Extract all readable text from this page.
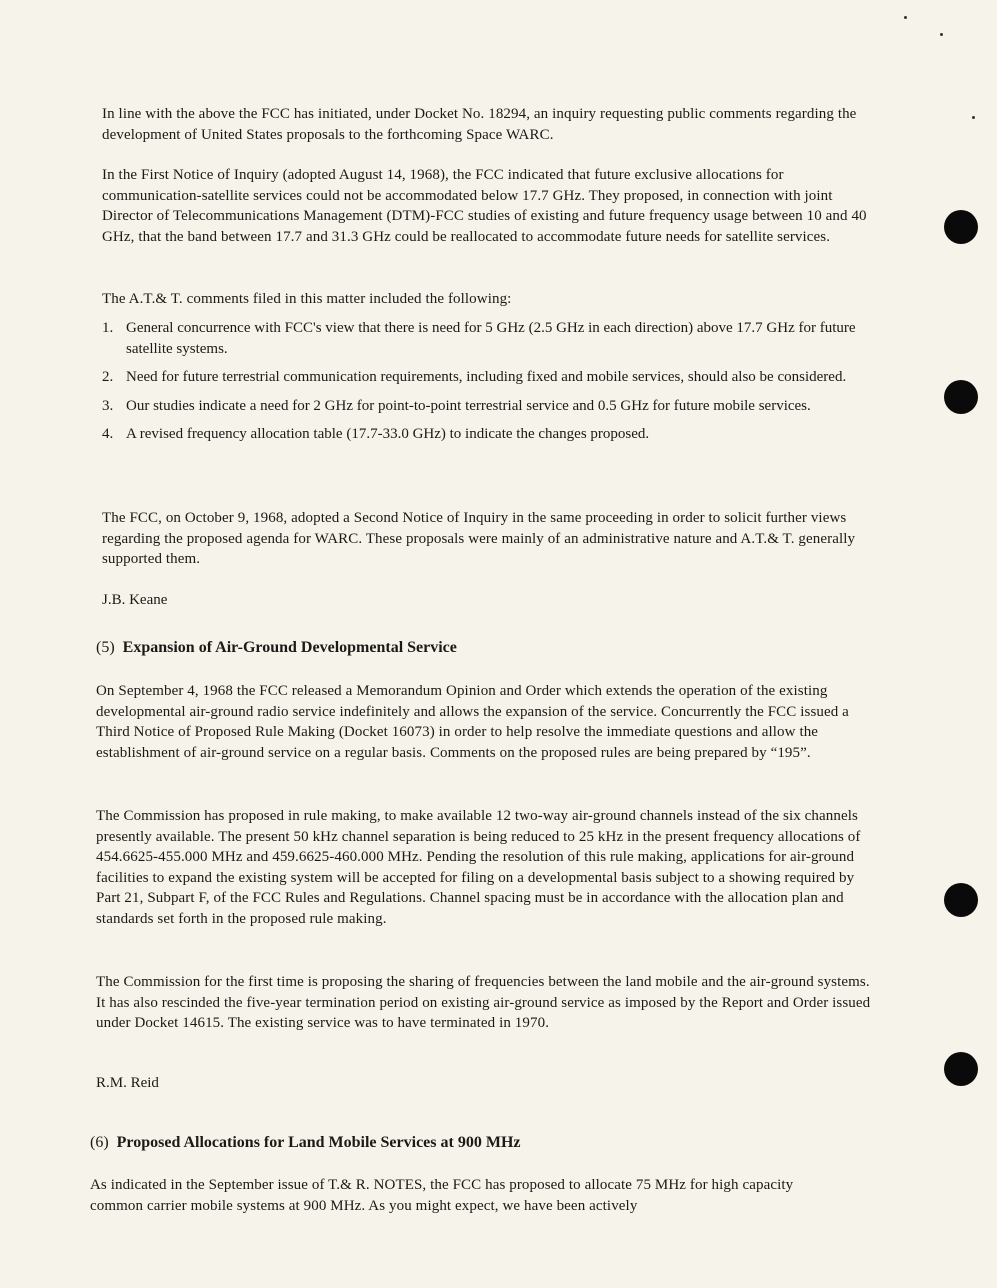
In line with the above the FCC has initiated, under Docket No. 18294, an inquiry requesting public comments regarding the development of United States proposals to the forthcoming Space WARC.

In the First Notice of Inquiry (adopted August 14, 1968), the FCC indicated that future exclusive allocations for communication-satellite services could not be accommodated below 17.7 GHz. They proposed, in connection with joint Director of Telecommunications Management (DTM)-FCC studies of existing and future frequency usage between 10 and 40 GHz, that the band between 17.7 and 31.3 GHz could be reallocated to accommodate future needs for satellite services.

The A.T.& T. comments filed in this matter included the following:

1. General concurrence with FCC's view that there is need for 5 GHz (2.5 GHz in each direction) above 17.7 GHz for future satellite systems.
2. Need for future terrestrial communication requirements, including fixed and mobile services, should also be considered.
3. Our studies indicate a need for 2 GHz for point-to-point terrestrial service and 0.5 GHz for future mobile services.
4. A revised frequency allocation table (17.7-33.0 GHz) to indicate the changes proposed.

The FCC, on October 9, 1968, adopted a Second Notice of Inquiry in the same proceeding in order to solicit further views regarding the proposed agenda for WARC. These proposals were mainly of an administrative nature and A.T.& T. generally supported them.

J.B. Keane

(5) Expansion of Air-Ground Developmental Service

On September 4, 1968 the FCC released a Memorandum Opinion and Order which extends the operation of the existing developmental air-ground radio service indefinitely and allows the expansion of the service. Concurrently the FCC issued a Third Notice of Proposed Rule Making (Docket 16073) in order to help resolve the immediate questions and allow the establishment of air-ground service on a regular basis. Comments on the proposed rules are being prepared by “195”.

The Commission has proposed in rule making, to make available 12 two-way air-ground channels instead of the six channels presently available. The present 50 kHz channel separation is being reduced to 25 kHz in the present frequency allocations of 454.6625-455.000 MHz and 459.6625-460.000 MHz. Pending the resolution of this rule making, applications for air-ground facilities to expand the existing system will be accepted for filing on a developmental basis subject to a showing required by Part 21, Subpart F, of the FCC Rules and Regulations. Channel spacing must be in accordance with the allocation plan and standards set forth in the proposed rule making.

The Commission for the first time is proposing the sharing of frequencies between the land mobile and the air-ground systems. It has also rescinded the five-year termination period on existing air-ground service as imposed by the Report and Order issued under Docket 14615. The existing service was to have terminated in 1970.

R.M. Reid

(6) Proposed Allocations for Land Mobile Services at 900 MHz

As indicated in the September issue of T.& R. NOTES, the FCC has proposed to allocate 75 MHz for high capacity common carrier mobile systems at 900 MHz. As you might expect, we have been actively
